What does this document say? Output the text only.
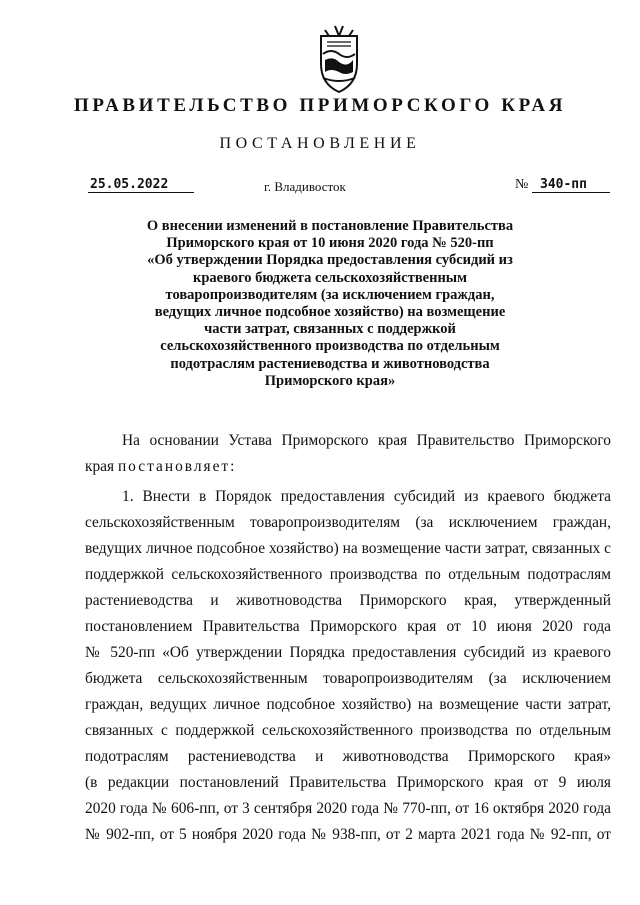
ПРАВИТЕЛЬСТВО ПРИМОРСКОГО КРАЯ
ПОСТАНОВЛЕНИЕ
25.05.2022	г. Владивосток	№ 340-пп
О внесении изменений в постановление Правительства
Приморского края от 10 июня 2020 года № 520-пп
«Об утверждении Порядка предоставления субсидий из
краевого бюджета сельскохозяйственным
товаропроизводителям (за исключением граждан,
ведущих личное подсобное хозяйство) на возмещение
части затрат, связанных с поддержкой
сельскохозяйственного производства по отдельным
подотраслям растениеводства и животноводства
Приморского края»
На основании Устава Приморского края Правительство Приморского
края постановляет:
1. Внести в Порядок предоставления субсидий из краевого бюджета
сельскохозяйственным товаропроизводителям (за исключением граждан,
ведущих личное подсобное хозяйство) на возмещение части затрат, связанных с
поддержкой сельскохозяйственного производства по отдельным подотраслям
растениеводства и животноводства Приморского края, утвержденный
постановлением Правительства Приморского края от 10 июня 2020 года
№ 520-пп «Об утверждении Порядка предоставления субсидий из краевого
бюджета сельскохозяйственным товаропроизводителям (за исключением
граждан, ведущих личное подсобное хозяйство) на возмещение части затрат,
связанных с поддержкой сельскохозяйственного производства по отдельным
подотраслям растениеводства и животноводства Приморского края»
(в редакции постановлений Правительства Приморского края от 9 июля
2020 года № 606-пп, от 3 сентября 2020 года № 770-пп, от 16 октября 2020 года
№ 902-пп, от 5 ноября 2020 года № 938-пп, от 2 марта 2021 года № 92-пп, от
